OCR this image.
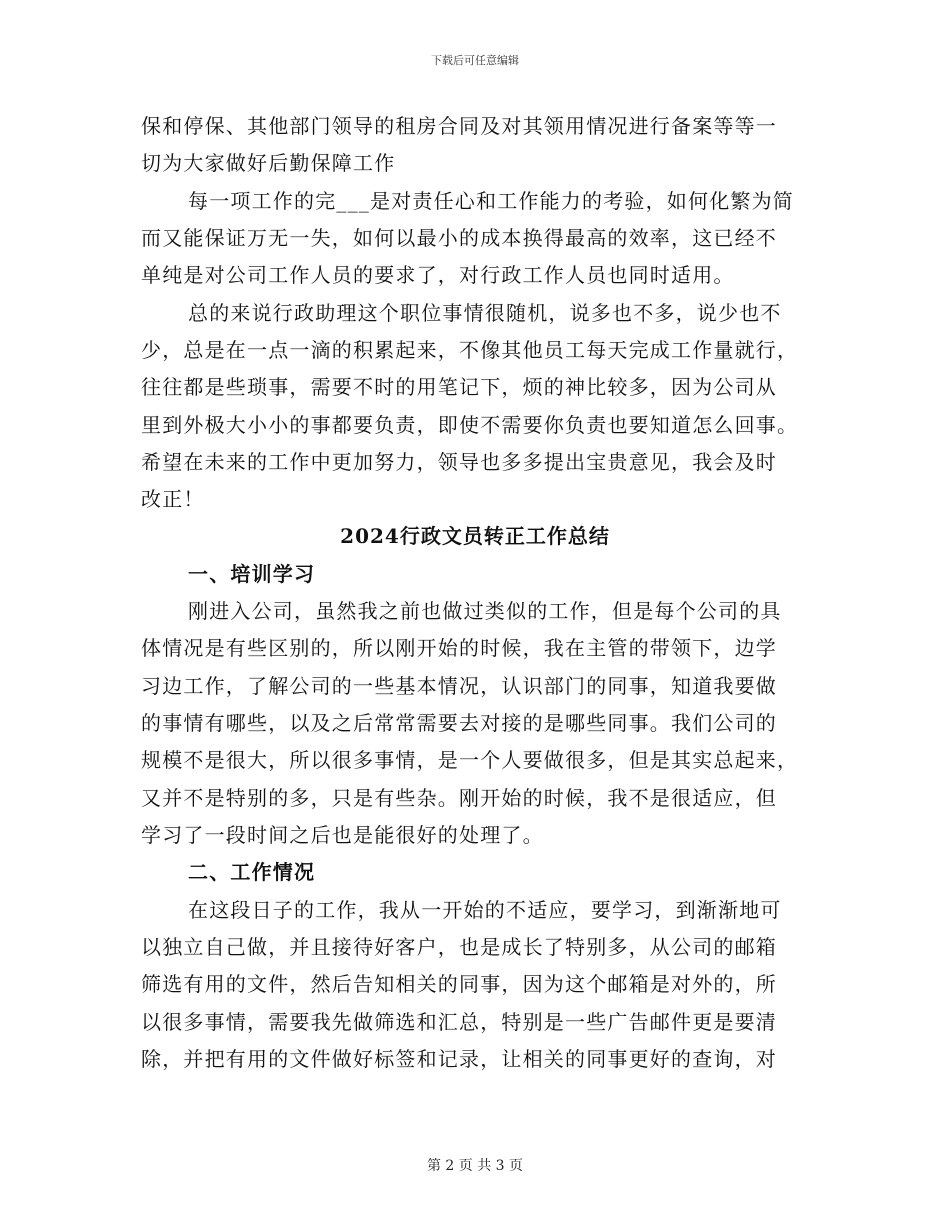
下载后可任意编辑
保和停保、其他部门领导的租房合同及对其领用情况进行备案等等一
切为大家做好后勤保障工作
每一项工作的完___是对责任心和工作能力的考验，如何化繁为简
而又能保证万无一失，如何以最小的成本换得最高的效率，这已经不
单纯是对公司工作人员的要求了，对行政工作人员也同时适用。
总的来说行政助理这个职位事情很随机，说多也不多，说少也不
少，总是在一点一滴的积累起来，不像其他员工每天完成工作量就行，
往往都是些琐事，需要不时的用笔记下，烦的神比较多，因为公司从
里到外极大小小的事都要负责，即使不需要你负责也要知道怎么回事。
希望在未来的工作中更加努力，领导也多多提出宝贵意见，我会及时
改正！
2024行政文员转正工作总结
一、培训学习
刚进入公司，虽然我之前也做过类似的工作，但是每个公司的具
体情况是有些区别的，所以刚开始的时候，我在主管的带领下，边学
习边工作，了解公司的一些基本情况，认识部门的同事，知道我要做
的事情有哪些，以及之后常常需要去对接的是哪些同事。我们公司的
规模不是很大，所以很多事情，是一个人要做很多，但是其实总起来，
又并不是特别的多，只是有些杂。刚开始的时候，我不是很适应，但
学习了一段时间之后也是能很好的处理了。
二、工作情况
在这段日子的工作，我从一开始的不适应，要学习，到渐渐地可
以独立自己做，并且接待好客户，也是成长了特别多，从公司的邮箱
筛选有用的文件，然后告知相关的同事，因为这个邮箱是对外的，所
以很多事情，需要我先做筛选和汇总，特别是一些广告邮件更是要清
除，并把有用的文件做好标签和记录，让相关的同事更好的查询，对
第 2 页 共 3 页
